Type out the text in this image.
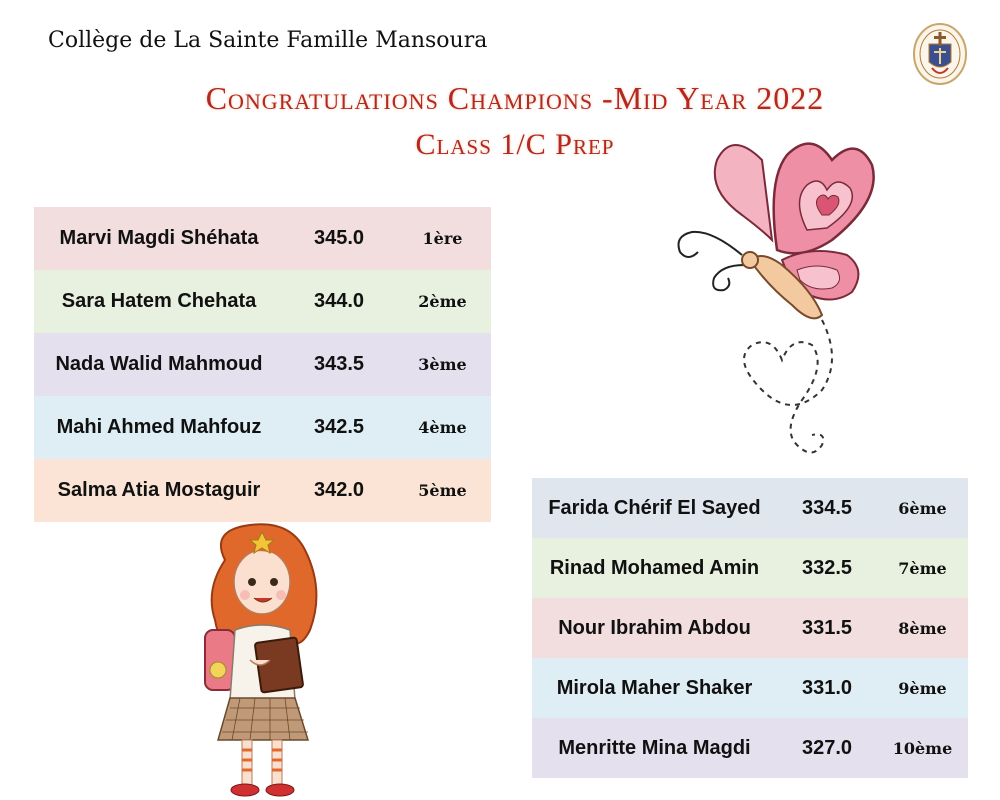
Collège de La Sainte Famille Mansoura
Congratulations Champions -Mid Year 2022
Class 1/C Prep
Marvi Magdi Shéhata	345.0	1ère
Sara Hatem Chehata	344.0	2ème
Nada Walid Mahmoud	343.5	3ème
Mahi Ahmed Mahfouz	342.5	4ème
Salma Atia Mostaguir	342.0	5ème
Farida Chérif El Sayed	334.5	6ème
Rinad Mohamed Amin	332.5	7ème
Nour Ibrahim Abdou	331.5	8ème
Mirola Maher Shaker	331.0	9ème
Menritte Mina Magdi	327.0	10ème
